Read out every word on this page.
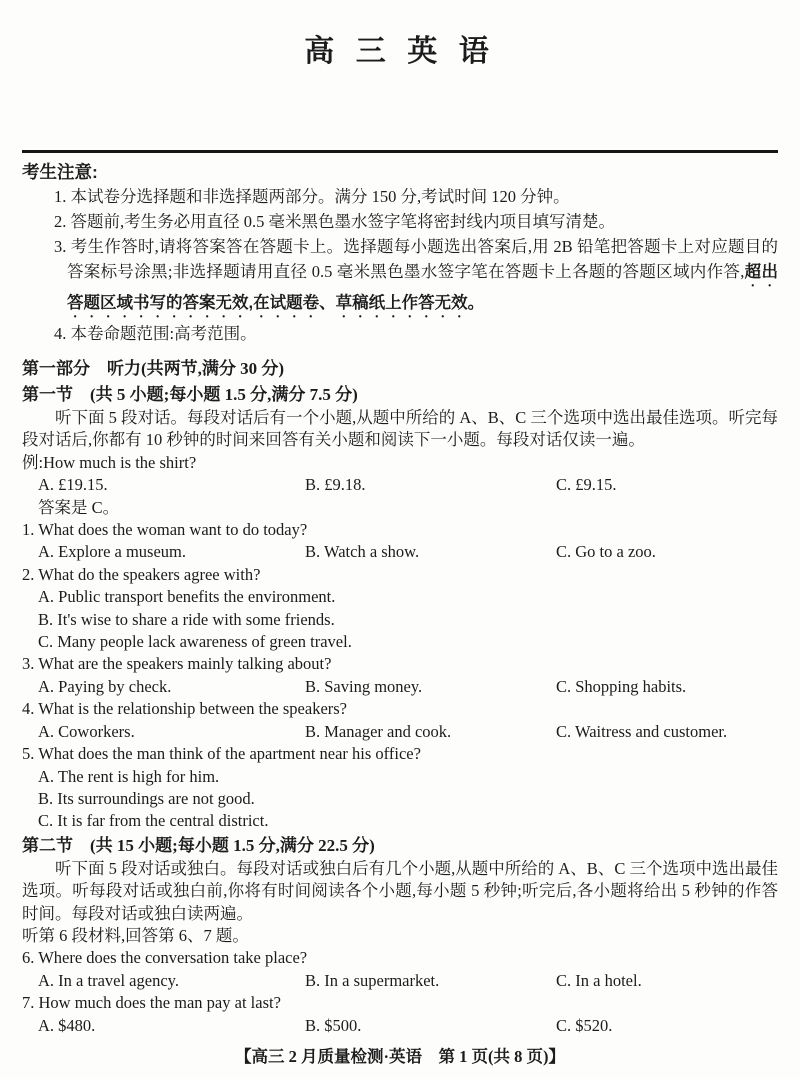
高 三 英 语
考生注意:
1. 本试卷分选择题和非选择题两部分。满分 150 分,考试时间 120 分钟。
2. 答题前,考生务必用直径 0.5 毫米黑色墨水签字笔将密封线内项目填写清楚。
3. 考生作答时,请将答案答在答题卡上。选择题每小题选出答案后,用 2B 铅笔把答题卡上对应题目的答案标号涂黑;非选择题请用直径 0.5 毫米黑色墨水签字笔在答题卡上各题的答题区域内作答,超出答题区域书写的答案无效,在试题卷、草稿纸上作答无效。
4. 本卷命题范围:高考范围。
第一部分　听力(共两节,满分 30 分)
第一节　(共 5 小题;每小题 1.5 分,满分 7.5 分)
听下面 5 段对话。每段对话后有一个小题,从题中所给的 A、B、C 三个选项中选出最佳选项。听完每段对话后,你都有 10 秒钟的时间来回答有关小题和阅读下一小题。每段对话仅读一遍。
例:How much is the shirt?
A. £19.15.	B. £9.18.	C. £9.15.
答案是 C。
1. What does the woman want to do today?
A. Explore a museum.	B. Watch a show.	C. Go to a zoo.
2. What do the speakers agree with?
A. Public transport benefits the environment.
B. It's wise to share a ride with some friends.
C. Many people lack awareness of green travel.
3. What are the speakers mainly talking about?
A. Paying by check.	B. Saving money.	C. Shopping habits.
4. What is the relationship between the speakers?
A. Coworkers.	B. Manager and cook.	C. Waitress and customer.
5. What does the man think of the apartment near his office?
A. The rent is high for him.
B. Its surroundings are not good.
C. It is far from the central district.
第二节　(共 15 小题;每小题 1.5 分,满分 22.5 分)
听下面 5 段对话或独白。每段对话或独白后有几个小题,从题中所给的 A、B、C 三个选项中选出最佳选项。听每段对话或独白前,你将有时间阅读各个小题,每小题 5 秒钟;听完后,各小题将给出 5 秒钟的作答时间。每段对话或独白读两遍。
听第 6 段材料,回答第 6、7 题。
6. Where does the conversation take place?
A. In a travel agency.	B. In a supermarket.	C. In a hotel.
7. How much does the man pay at last?
A. $480.	B. $500.	C. $520.
【高三 2 月质量检测·英语　第 1 页(共 8 页)】
